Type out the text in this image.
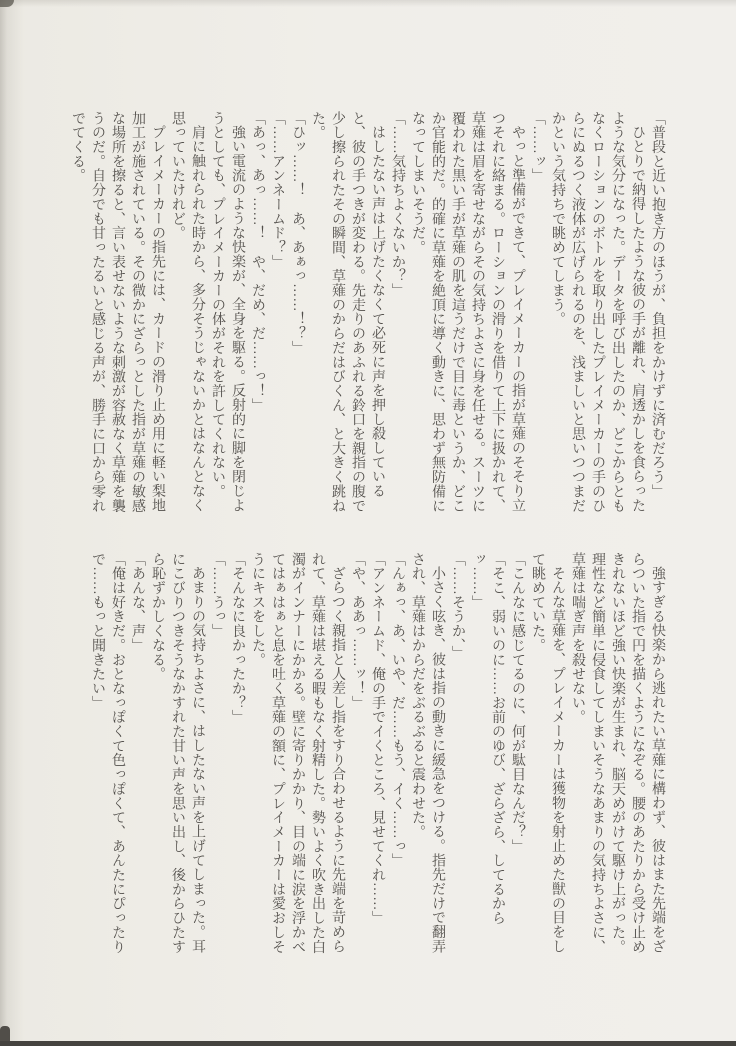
「普段と近い抱き方のほうが、負担をかけずに済むだろう」

ひとりで納得したような彼の手が離れ、肩透かしを食らったような気分になった。データを呼び出したのか、どこからともなくローションのボトルを取り出したプレイメーカーの手のひらにぬるつく液体が広げられるのを、浅ましいと思いつつまだかという気持ちで眺めてしまう。

「……ッ」

やっと準備ができて、プレイメーカーの指が草薙のそそり立つそれに絡まる。ローションの滑りを借りて上下に扱かれて、草薙は眉を寄せながらその気持ちよさに身を任せる。スーツに覆われた黒い手が草薙の肌を這うだけで目に毒というか、どこか官能的だ。的確に草薙を絶頂に導く動きに、思わず無防備になってしまいそうだ。

「……気持ちよくないか？」

はしたない声は上げたくなくて必死に声を押し殺していると、彼の手つきが変わる。先走りのあふれる鈴口を親指の腹で少し擦られたその瞬間、草薙のからだはびくん、と大きく跳ねた。

「ひッ……！　あ、あぁっ……！？」

「……アンネームド？」

「あっ、あっ……！　や、だめ、だ……っ！」

強い電流のような快楽が、全身を駆る。反射的に脚を閉じようとしても、プレイメーカーの体がそれを許してくれない。

肩に触れられた時から、多分そうじゃないかとはなんとなく思っていたけれど。

プレイメーカーの指先には、カードの滑り止め用に軽い梨地加工が施されている。その微かにざらっとした指が草薙の敏感な場所を擦ると、言い表せないような刺激が容赦なく草薙を襲うのだ。自分でも甘ったるいと感じる声が、勝手に口から零れでてくる。

強すぎる快楽から逃れたい草薙に構わず、彼はまた先端をざらついた指で円を描くようになぞる。腰のあたりから受け止めきれないほど強い快楽が生まれ、脳天めがけて駆け上がった。理性など簡単に侵食してしまいそうなあまりの気持ちよさに、草薙は喘ぎ声を殺せない。

そんな草薙を、プレイメーカーは獲物を射止めた獣の目をして眺めていた。

「こんなに感じてるのに、何が駄目なんだ？」

「そこ、弱いのに……お前のゆび、ざらざら、してるからッ……」

「……そうか、」

小さく呟き、彼は指の動きに緩急をつける。指先だけで翻弄され、草薙はからだをぶるぶると震わせた。

「んぁっ、あ、いや、だ……もう、イく……っ」

「アンネームド、俺の手でイくところ、見せてくれ……」

「や、ああっ……ッ！」

ざらつく親指と人差し指をすり合わせるように先端を苛められて、草薙は堪える暇もなく射精した。勢いよく吹き出した白濁がインナーにかかる。壁に寄りかかり、目の端に涙を浮かべてはぁはぁと息を吐く草薙の額に、プレイメーカーは愛おしそうにキスをした。

「そんなに良かったか？」

「……うっ」

あまりの気持ちよさに、はしたない声を上げてしまった。耳にこびりつきそうなかすれた甘い声を思い出し、後からひたすら恥ずかしくなる。

「あんな、声」

「俺は好きだ。おとなっぽくて色っぽくて、あんたにぴったりで……もっと聞きたい」
